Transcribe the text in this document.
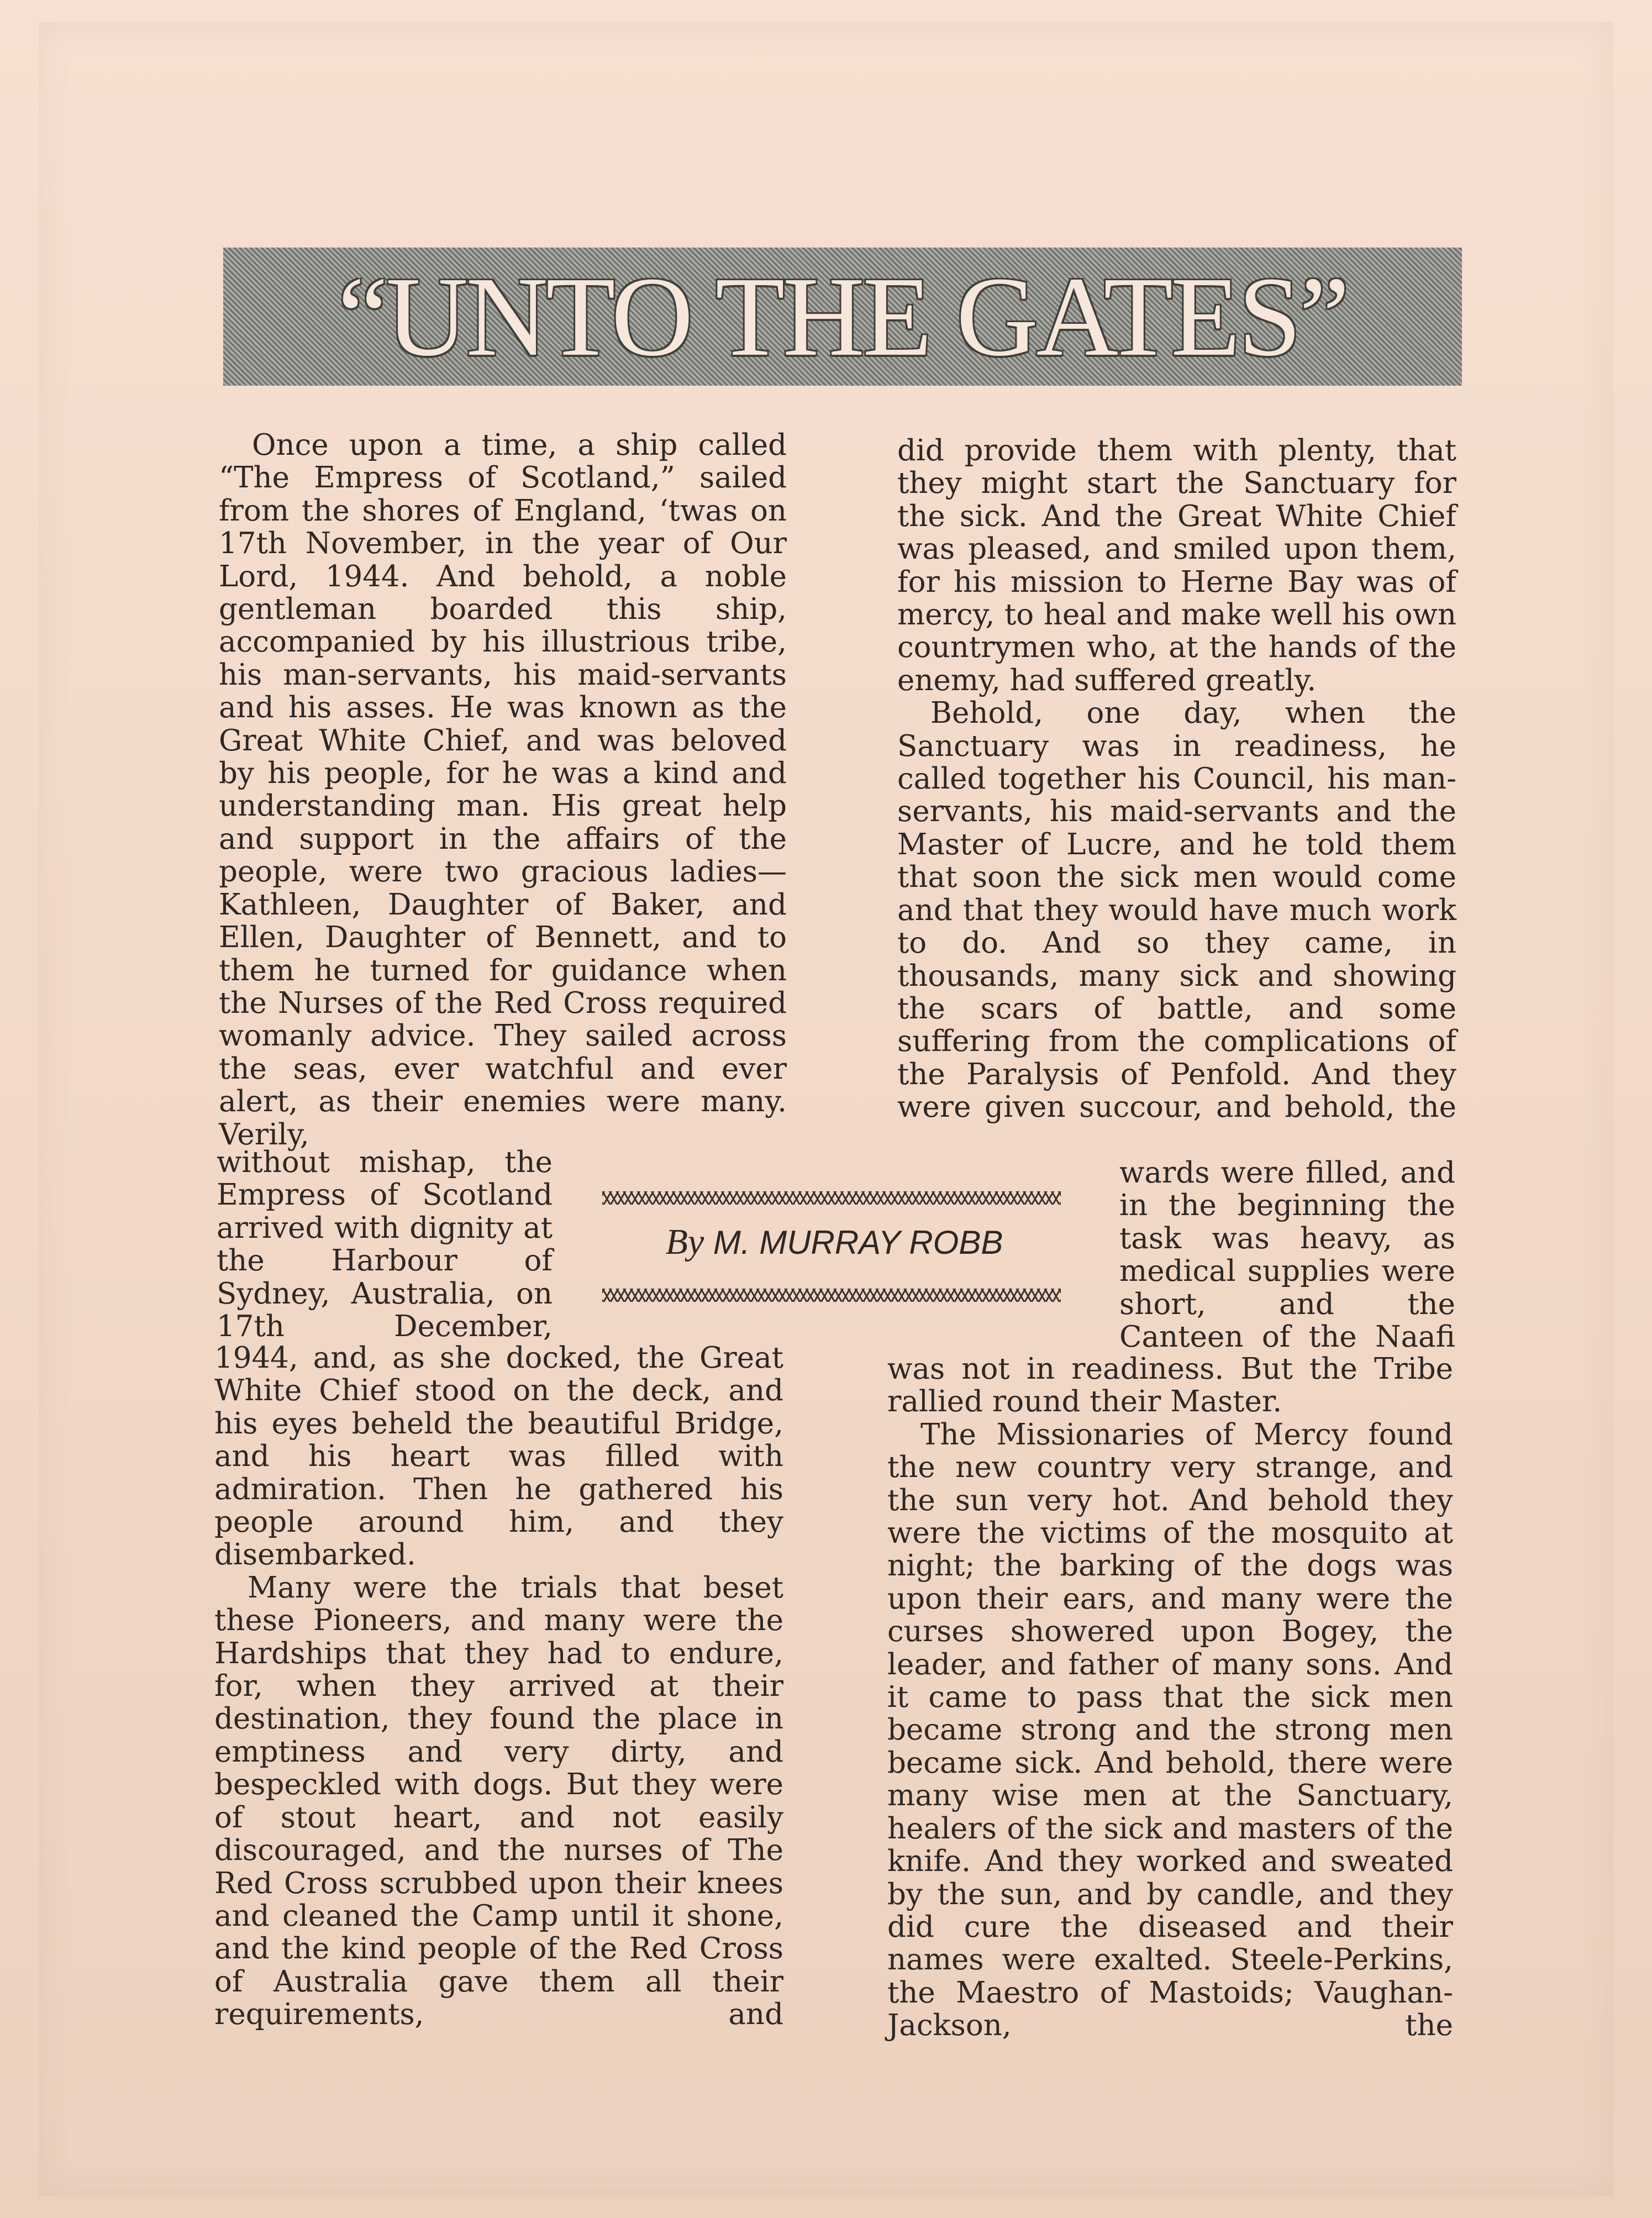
“UNTO THE GATES”

Once upon a time, a ship called “The Empress of Scotland,” sailed from the shores of England, ‘twas on 17th November, in the year of Our Lord, 1944. And behold, a noble gentleman boarded this ship, accompanied by his illustrious tribe, his man-servants, his maid-servants and his asses. He was known as the Great White Chief, and was beloved by his people, for he was a kind and understanding man. His great help and support in the affairs of the people, were two gracious ladies—Kathleen, Daughter of Baker, and Ellen, Daughter of Bennett, and to them he turned for guidance when the Nurses of the Red Cross required womanly advice. They sailed across the seas, ever watchful and ever alert, as their enemies were many. Verily,

without mishap, the Empress of Scotland arrived with dignity at the Harbour of Sydney, Australia, on 17th December,

1944, and, as she docked, the Great White Chief stood on the deck, and his eyes beheld the beautiful Bridge, and his heart was filled with admiration. Then he gathered his people around him, and they disembarked.

Many were the trials that beset these Pioneers, and many were the Hardships that they had to endure, for, when they arrived at their destination, they found the place in emptiness and very dirty, and bespeckled with dogs. But they were of stout heart, and not easily discouraged, and the nurses of The Red Cross scrubbed upon their knees and cleaned the Camp until it shone, and the kind people of the Red Cross of Australia gave them all their requirements, and

did provide them with plenty, that they might start the Sanctuary for the sick. And the Great White Chief was pleased, and smiled upon them, for his mission to Herne Bay was of mercy, to heal and make well his own countrymen who, at the hands of the enemy, had suffered greatly.

Behold, one day, when the Sanctuary was in readiness, he called together his Council, his man-servants, his maid-servants and the Master of Lucre, and he told them that soon the sick men would come and that they would have much work to do. And so they came, in thousands, many sick and showing the scars of battle, and some suffering from the complications of the Paralysis of Penfold. And they were given succour, and behold, the

wards were filled, and in the beginning the task was heavy, as medical supplies were short, and the Canteen of the Naafi

was not in readiness. But the Tribe rallied round their Master.

The Missionaries of Mercy found the new country very strange, and the sun very hot. And behold they were the victims of the mosquito at night; the barking of the dogs was upon their ears, and many were the curses showered upon Bogey, the leader, and father of many sons. And it came to pass that the sick men became strong and the strong men became sick. And behold, there were many wise men at the Sanctuary, healers of the sick and masters of the knife. And they worked and sweated by the sun, and by candle, and they did cure the diseased and their names were exalted. Steele-Perkins, the Maestro of Mastoids; Vaughan-Jackson, the

By M. MURRAY ROBB
